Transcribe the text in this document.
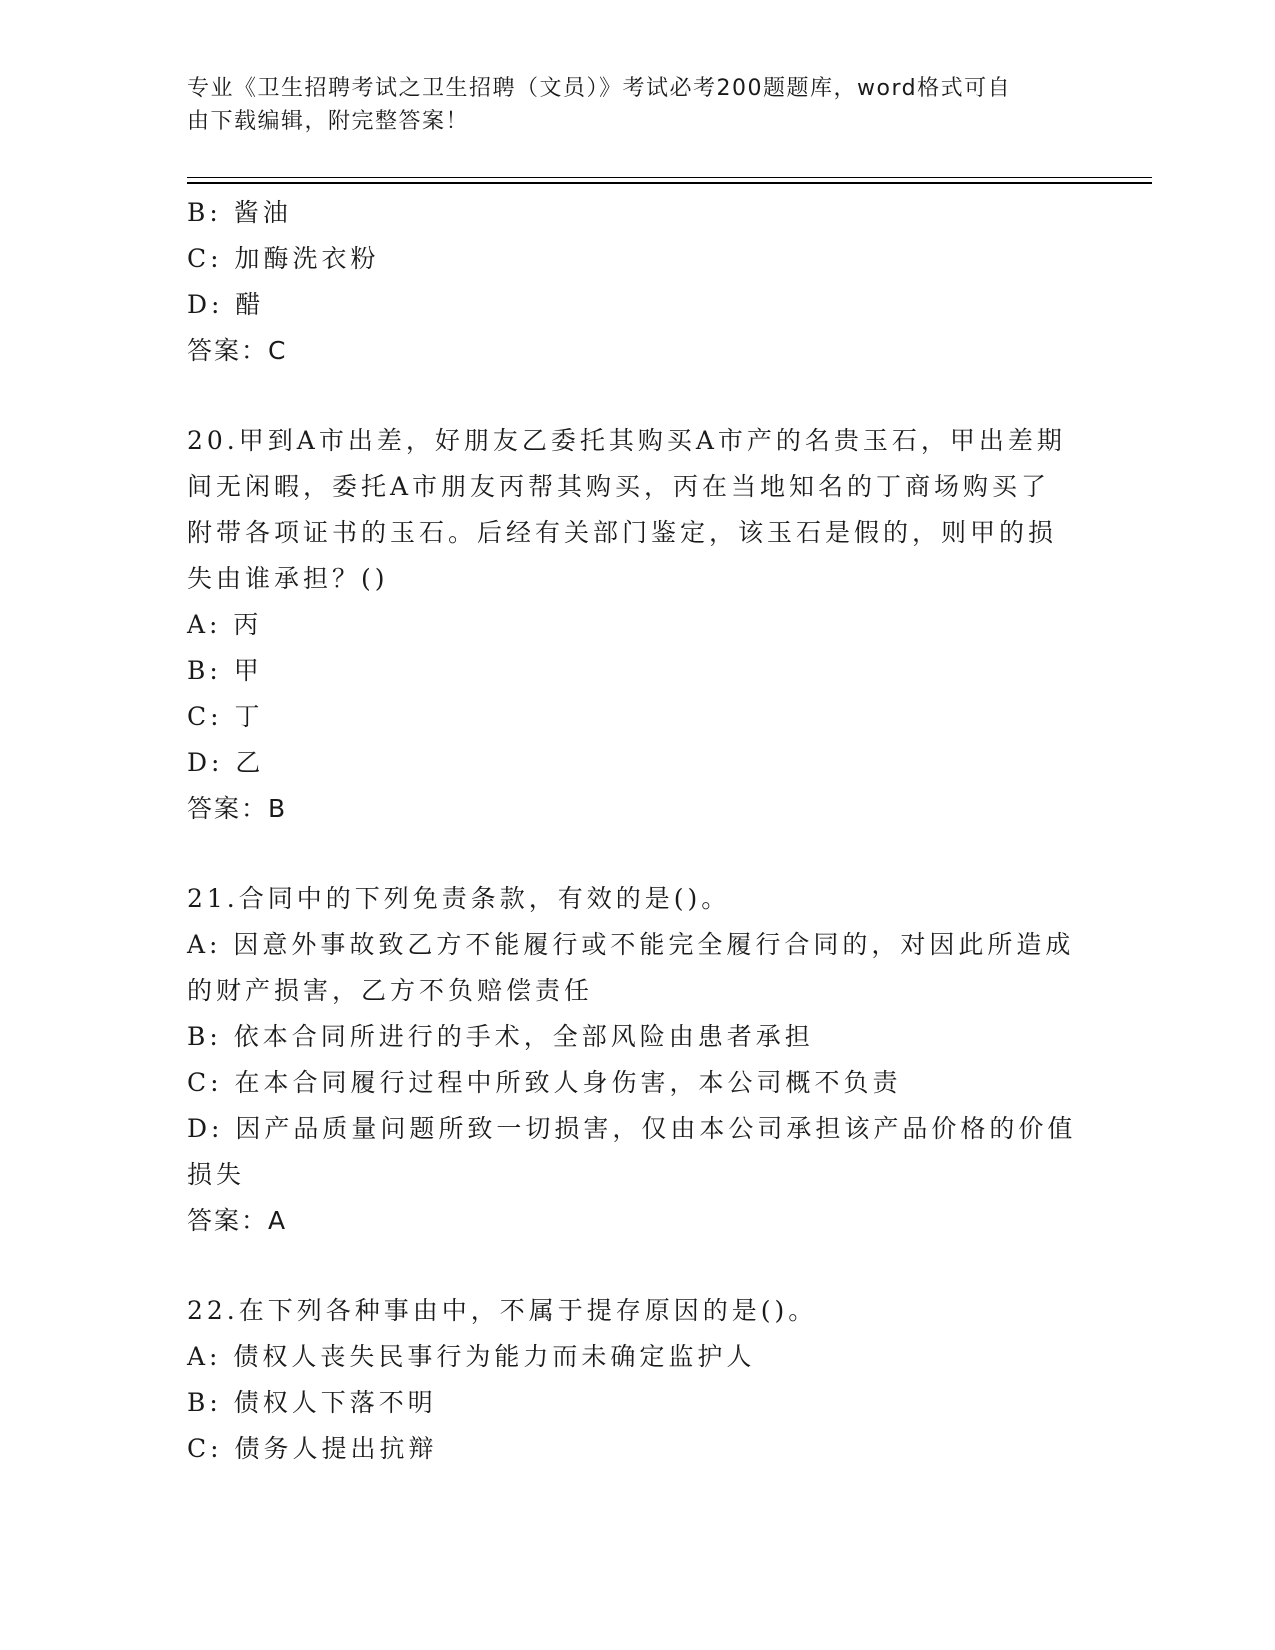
专业《卫生招聘考试之卫生招聘（文员）》考试必考200题题库，word格式可自
由下载编辑，附完整答案！
B: 酱油
C: 加酶洗衣粉
D: 醋
答案：C
20.甲到A市出差，好朋友乙委托其购买A市产的名贵玉石，甲出差期
间无闲暇，委托A市朋友丙帮其购买，丙在当地知名的丁商场购买了
附带各项证书的玉石。后经有关部门鉴定，该玉石是假的，则甲的损
失由谁承担？()
A: 丙
B: 甲
C: 丁
D: 乙
答案：B
21.合同中的下列免责条款，有效的是()。
A: 因意外事故致乙方不能履行或不能完全履行合同的，对因此所造成
的财产损害，乙方不负赔偿责任
B: 依本合同所进行的手术，全部风险由患者承担
C: 在本合同履行过程中所致人身伤害，本公司概不负责
D: 因产品质量问题所致一切损害，仅由本公司承担该产品价格的价值
损失
答案：A
22.在下列各种事由中，不属于提存原因的是()。
A: 债权人丧失民事行为能力而未确定监护人
B: 债权人下落不明
C: 债务人提出抗辩
